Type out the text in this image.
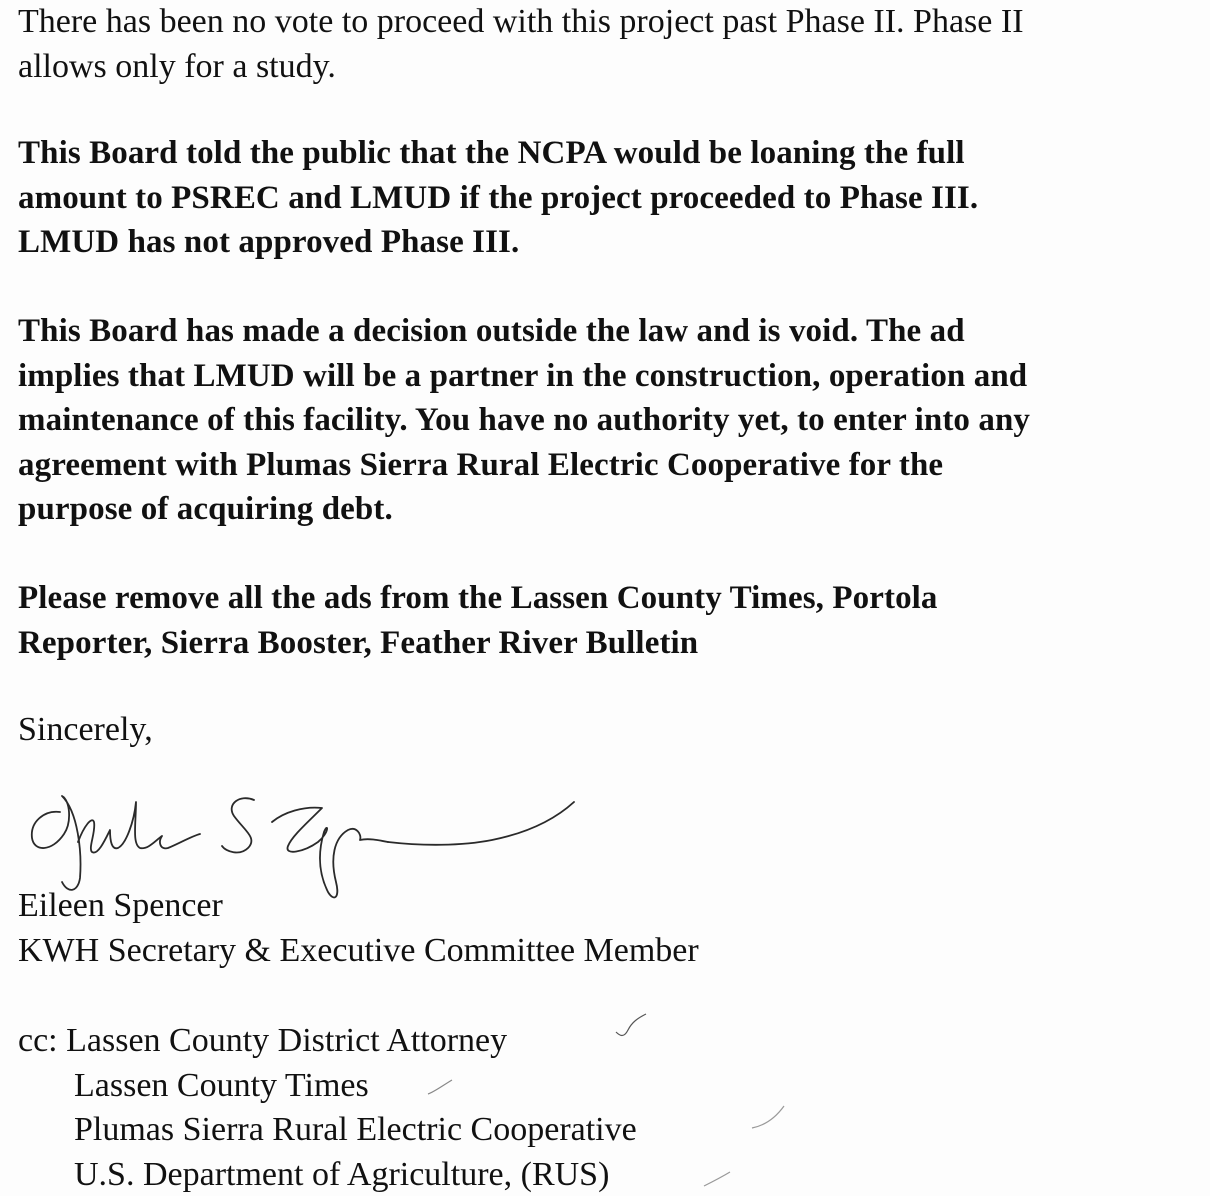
There has been no vote to proceed with this project past Phase II. Phase II
allows only for a study.

This Board told the public that the NCPA would be loaning the full
amount to PSREC and LMUD if the project proceeded to Phase III.
LMUD has not approved Phase III.

This Board has made a decision outside the law and is void. The ad
implies that LMUD will be a partner in the construction, operation and
maintenance of this facility. You have no authority yet, to enter into any
agreement with Plumas Sierra Rural Electric Cooperative for the
purpose of acquiring debt.

Please remove all the ads from the Lassen County Times, Portola
Reporter, Sierra Booster, Feather River Bulletin

Sincerely,

Eileen Spencer
KWH Secretary & Executive Committee Member

cc: Lassen County District Attorney
Lassen County Times
Plumas Sierra Rural Electric Cooperative
U.S. Department of Agriculture, (RUS)
